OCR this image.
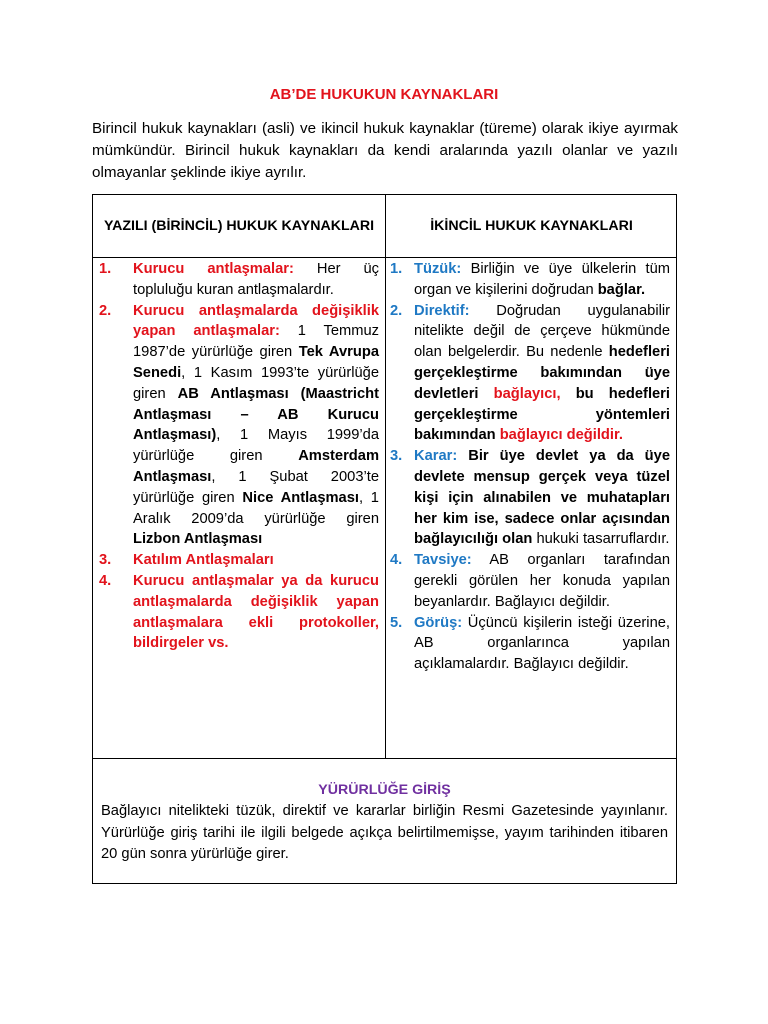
AB’DE HUKUKUN KAYNAKLARI
Birincil hukuk kaynakları (asli) ve ikincil hukuk kaynaklar (türeme) olarak ikiye ayırmak mümkündür. Birincil hukuk kaynakları da kendi aralarında yazılı olanlar ve yazılı olmayanlar şeklinde ikiye ayrılır.
YAZILI (BİRİNCİL) HUKUK KAYNAKLARI	İKİNCİL HUKUK KAYNAKLARI
1. Kurucu antlaşmalar: Her üç topluluğu kuran antlaşmalardır.
2. Kurucu antlaşmalarda değişiklik yapan antlaşmalar: 1 Temmuz 1987’de yürürlüğe giren Tek Avrupa Senedi, 1 Kasım 1993’te yürürlüğe giren AB Antlaşması (Maastricht Antlaşması – AB Kurucu Antlaşması), 1 Mayıs 1999’da yürürlüğe giren Amsterdam Antlaşması, 1 Şubat 2003’te yürürlüğe giren Nice Antlaşması, 1 Aralık 2009’da yürürlüğe giren Lizbon Antlaşması
3. Katılım Antlaşmaları
4. Kurucu antlaşmalar ya da kurucu antlaşmalarda değişiklik yapan antlaşmalara ekli protokoller, bildirgeler vs.
1. Tüzük: Birliğin ve üye ülkelerin tüm organ ve kişilerini doğrudan bağlar.
2. Direktif: Doğrudan uygulanabilir nitelikte değil de çerçeve hükmünde olan belgelerdir. Bu nedenle hedefleri gerçekleştirme bakımından üye devletleri bağlayıcı, bu hedefleri gerçekleştirme yöntemleri bakımından bağlayıcı değildir.
3. Karar: Bir üye devlet ya da üye devlete mensup gerçek veya tüzel kişi için alınabilen ve muhatapları her kim ise, sadece onlar açısından bağlayıcılığı olan hukuki tasarruflardır.
4. Tavsiye: AB organları tarafından gerekli görülen her konuda yapılan beyanlardır. Bağlayıcı değildir.
5. Görüş: Üçüncü kişilerin isteği üzerine, AB organlarınca yapılan açıklamalardır. Bağlayıcı değildir.
YÜRÜRLÜĞE GİRİŞ
Bağlayıcı nitelikteki tüzük, direktif ve kararlar birliğin Resmi Gazetesinde yayınlanır. Yürürlüğe giriş tarihi ile ilgili belgede açıkça belirtilmemişse, yayım tarihinden itibaren 20 gün sonra yürürlüğe girer.
